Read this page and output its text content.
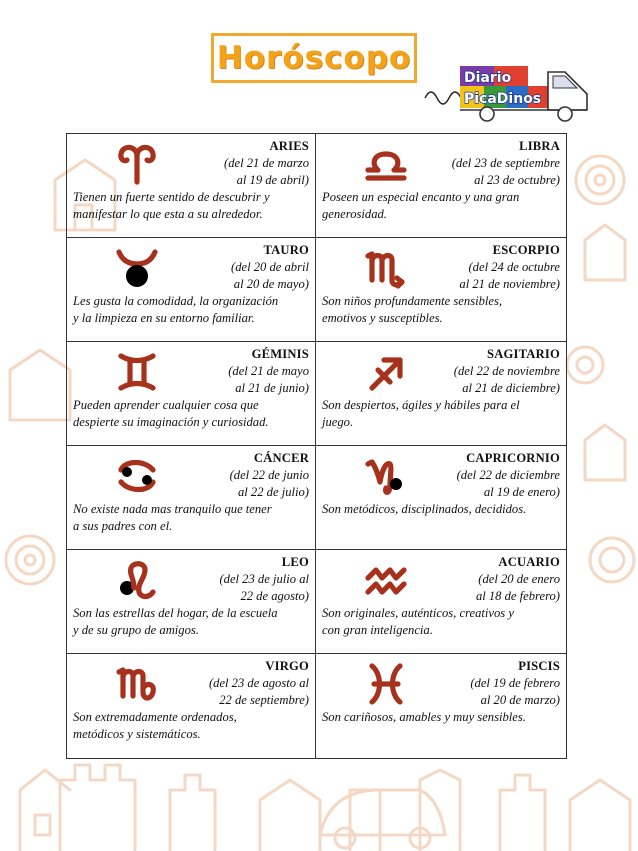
Horóscopo
Diario
PicaDinos
ARIES
(del 21 de marzo
al 19 de abril)
Tienen un fuerte sentido de descubrir y
manifestar lo que esta a su alrededor.
LIBRA
(del 23 de septiembre
al 23 de octubre)
Poseen un especial encanto y una gran
generosidad.
TAURO
(del 20 de abril
al 20 de mayo)
Les gusta la comodidad, la organización
y la limpieza en su entorno familiar.
ESCORPIO
(del 24 de octubre
al 21 de noviembre)
Son niños profundamente sensibles,
emotivos y susceptibles.
GÉMINIS
(del 21 de mayo
al 21 de junio)
Pueden aprender cualquier cosa que
despierte su imaginación y curiosidad.
SAGITARIO
(del 22 de noviembre
al 21 de diciembre)
Son despiertos, ágiles y hábiles para el
juego.
CÁNCER
(del 22 de junio
al 22 de julio)
No existe nada mas tranquilo que tener
a sus padres con el.
CAPRICORNIO
(del 22 de diciembre
al 19 de enero)
Son metódicos, disciplinados, decididos.
LEO
(del 23 de julio al
22 de agosto)
Son las estrellas del hogar, de la escuela
y de su grupo de amigos.
ACUARIO
(del 20 de enero
al 18 de febrero)
Son originales, auténticos, creativos y
con gran inteligencia.
VIRGO
(del 23 de agosto al
22 de septiembre)
Son extremadamente ordenados,
metódicos y sistemáticos.
PISCIS
(del 19 de febrero
al 20 de marzo)
Son cariñosos, amables y muy sensibles.
